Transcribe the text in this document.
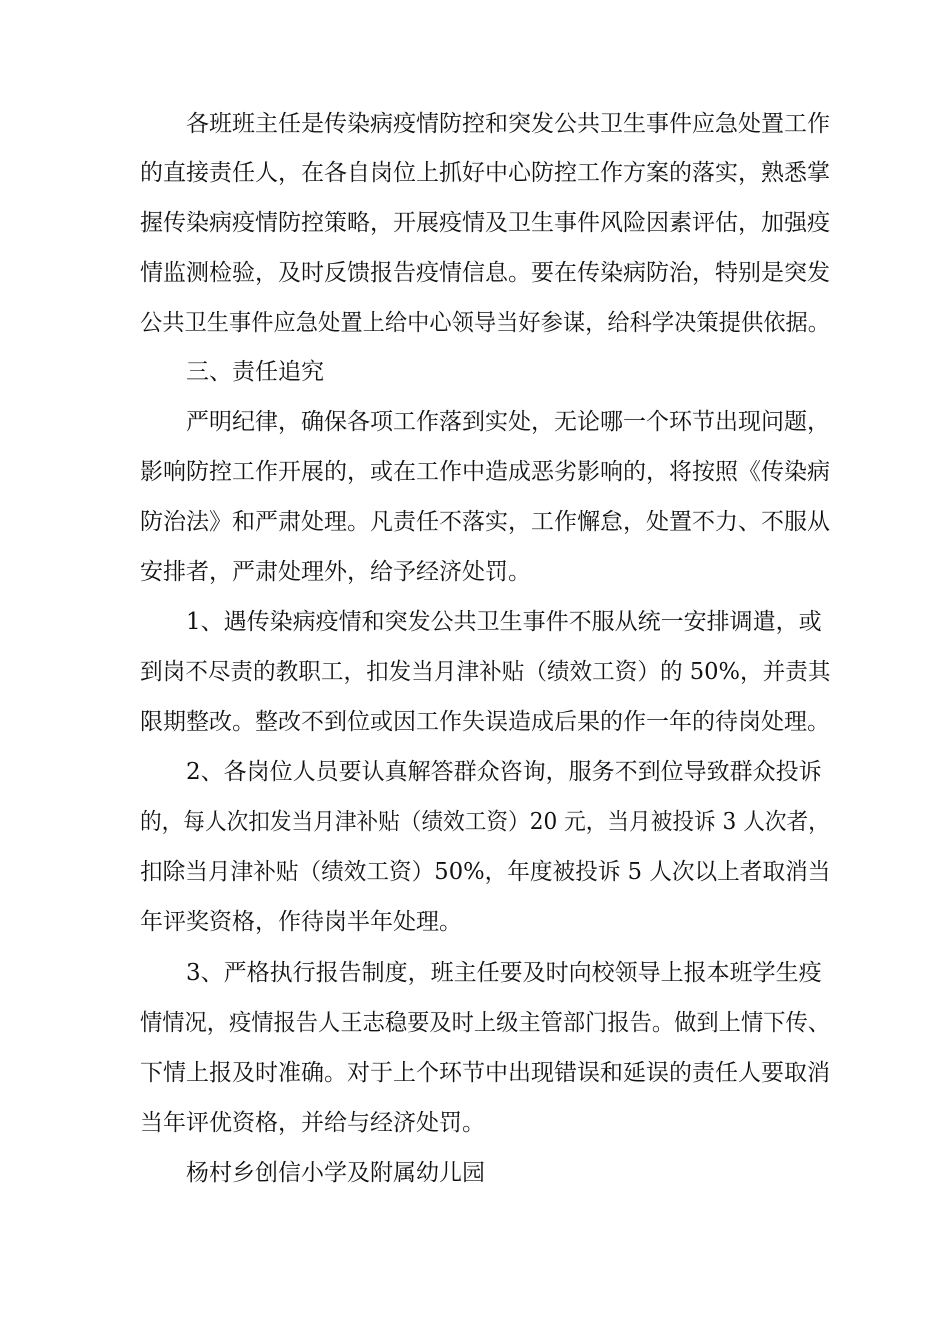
各班班主任是传染病疫情防控和突发公共卫生事件应急处置工作
的直接责任人，在各自岗位上抓好中心防控工作方案的落实，熟悉掌
握传染病疫情防控策略，开展疫情及卫生事件风险因素评估，加强疫
情监测检验，及时反馈报告疫情信息。要在传染病防治，特别是突发
公共卫生事件应急处置上给中心领导当好参谋，给科学决策提供依据。
三、责任追究
严明纪律，确保各项工作落到实处，无论哪一个环节出现问题，
影响防控工作开展的，或在工作中造成恶劣影响的，将按照《传染病
防治法》和严肃处理。凡责任不落实，工作懈怠，处置不力、不服从
安排者，严肃处理外，给予经济处罚。
1、遇传染病疫情和突发公共卫生事件不服从统一安排调遣，或
到岗不尽责的教职工，扣发当月津补贴（绩效工资）的 50%，并责其
限期整改。整改不到位或因工作失误造成后果的作一年的待岗处理。
2、各岗位人员要认真解答群众咨询，服务不到位导致群众投诉
的，每人次扣发当月津补贴（绩效工资）20 元，当月被投诉 3 人次者，
扣除当月津补贴（绩效工资）50%，年度被投诉 5 人次以上者取消当
年评奖资格，作待岗半年处理。
3、严格执行报告制度，班主任要及时向校领导上报本班学生疫
情情况，疫情报告人王志稳要及时上级主管部门报告。做到上情下传、
下情上报及时准确。对于上个环节中出现错误和延误的责任人要取消
当年评优资格，并给与经济处罚。
杨村乡创信小学及附属幼儿园
